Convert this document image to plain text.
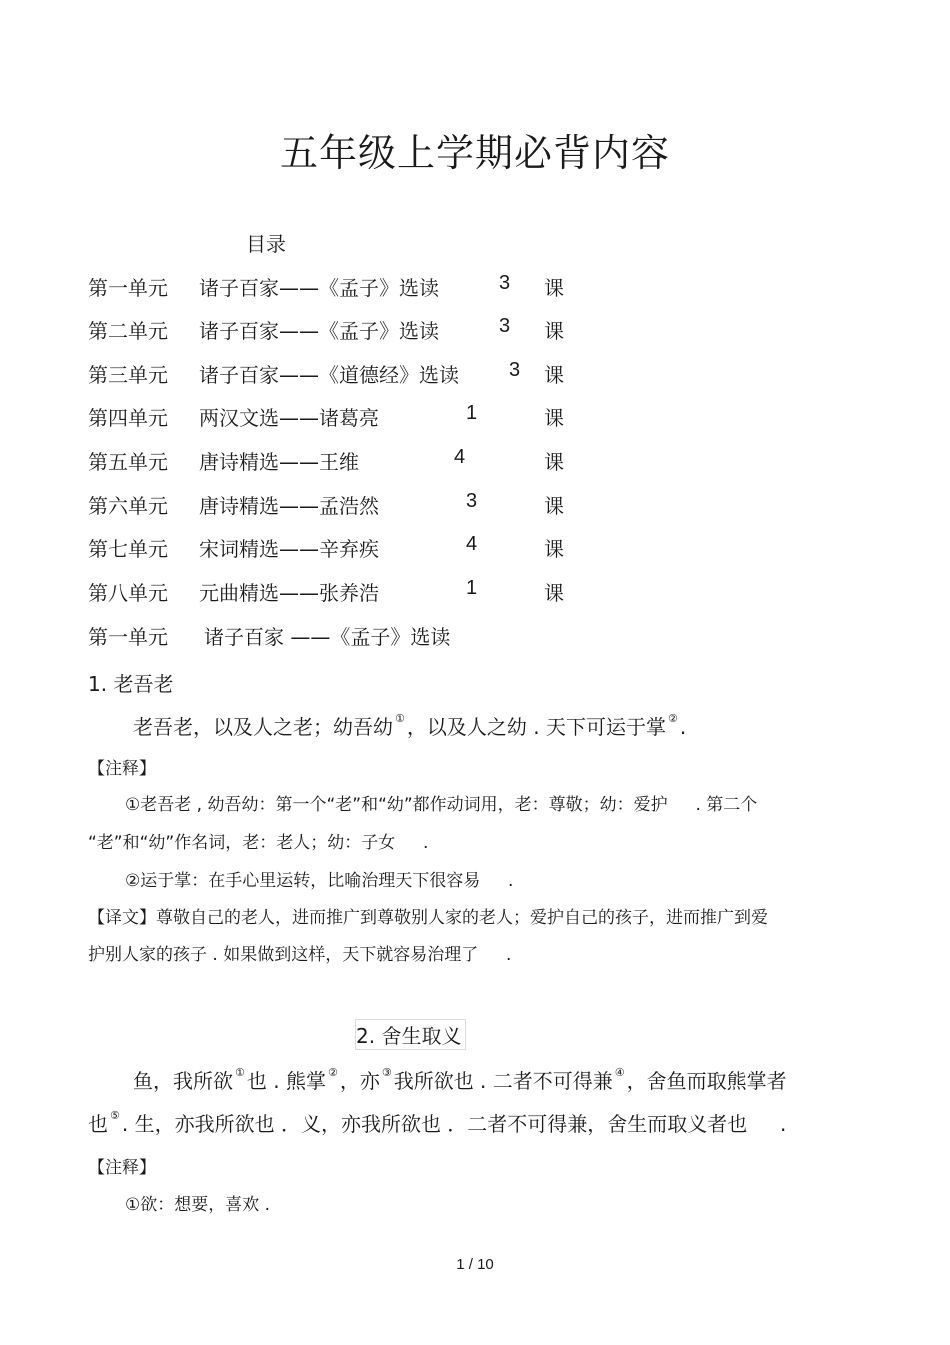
五年级上学期必背内容
目录
第一单元 诸子百家——《孟子》选读	3 课
第二单元 诸子百家——《孟子》选读	3 课
第三单元 诸子百家——《道德经》选读	3 课
第四单元 两汉文选——诸葛亮	1	课
第五单元 唐诗精选——王维	4	课
第六单元 唐诗精选——孟浩然	3	课
第七单元 宋词精选——辛弃疾	4	课
第八单元 元曲精选——张养浩	1	课
第一单元 诸子百家 ——《孟子》选读
1. 老吾老
老吾老，以及人之老；幼吾幼 ① ，以及人之幼 . 天下可运于掌 ② .
【注释】
①老吾老 , 幼吾幼：第一个“老”和“幼”都作动词用，老：尊敬；幼：爱护 　 . 第二个
“老”和“幼”作名词，老：老人；幼：子女 　 .
②运于掌：在手心里运转，比喻治理天下很容易 　 .
【译文】尊敬自己的老人，进而推广到尊敬别人家的老人；爱护自己的孩子，进而推广到爱
护别人家的孩子 . 如果做到这样，天下就容易治理了 　 .
2. 舍生取义
鱼，我所欲 ① 也 . 熊掌 ② ，亦 ③ 我所欲也 . 二者不可得兼 ④ ，舍鱼而取熊掌者
也 ⑤ . 生，亦我所欲也 ．义，亦我所欲也 ．二者不可得兼，舍生而取义者也 　 .
【注释】
①欲：想要，喜欢 .
1 / 10
